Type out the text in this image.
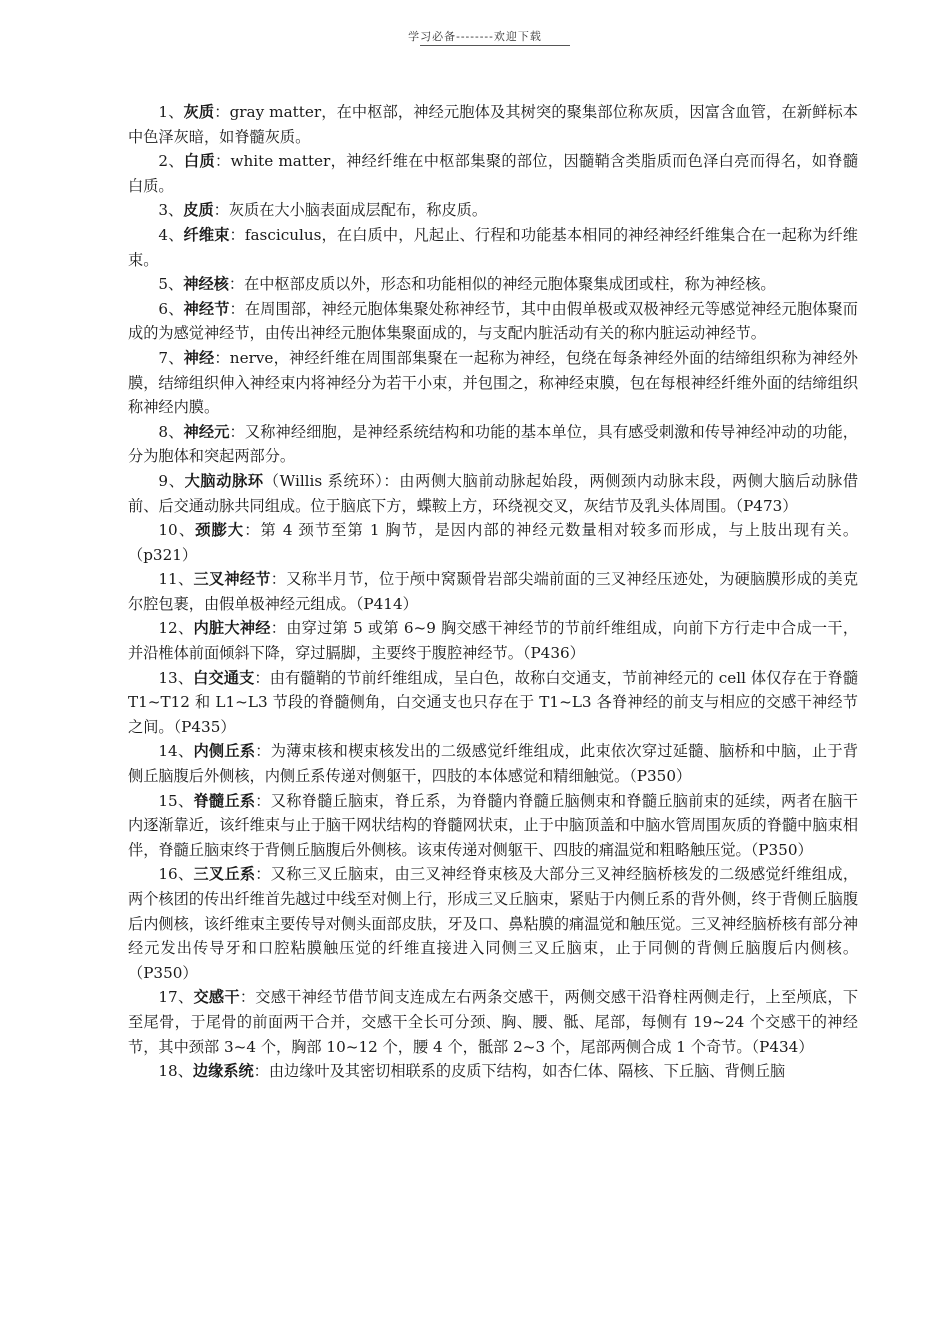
学习必备--------欢迎下载

1、灰质：gray matter，在中枢部，神经元胞体及其树突的聚集部位称灰质，因富含血管，在新鲜标本中色泽灰暗，如脊髓灰质。

2、白质：white matter，神经纤维在中枢部集聚的部位，因髓鞘含类脂质而色泽白亮而得名，如脊髓白质。

3、皮质：灰质在大小脑表面成层配布，称皮质。

4、纤维束：fasciculus，在白质中，凡起止、行程和功能基本相同的神经神经纤维集合在一起称为纤维束。

5、神经核：在中枢部皮质以外，形态和功能相似的神经元胞体聚集成团或柱，称为神经核。

6、神经节：在周围部，神经元胞体集聚处称神经节，其中由假单极或双极神经元等感觉神经元胞体聚而成的为感觉神经节，由传出神经元胞体集聚面成的，与支配内脏活动有关的称内脏运动神经节。

7、神经：nerve，神经纤维在周围部集聚在一起称为神经，包绕在每条神经外面的结缔组织称为神经外膜，结缔组织伸入神经束内将神经分为若干小束，并包围之，称神经束膜，包在每根神经纤维外面的结缔组织称神经内膜。

8、神经元：又称神经细胞，是神经系统结构和功能的基本单位，具有感受刺激和传导神经冲动的功能，分为胞体和突起两部分。

9、大脑动脉环（Willis 系统环）：由两侧大脑前动脉起始段，两侧颈内动脉末段，两侧大脑后动脉借前、后交通动脉共同组成。位于脑底下方，蝶鞍上方，环绕视交叉，灰结节及乳头体周围。（P473）

10、颈膨大：第 4 颈节至第 1 胸节，是因内部的神经元数量相对较多而形成，与上肢出现有关。（p321）

11、三叉神经节：又称半月节，位于颅中窝颞骨岩部尖端前面的三叉神经压迹处，为硬脑膜形成的美克尔腔包裹，由假单极神经元组成。（P414）

12、内脏大神经：由穿过第 5 或第 6~9 胸交感干神经节的节前纤维组成，向前下方行走中合成一干，并沿椎体前面倾斜下降，穿过膈脚，主要终于腹腔神经节。（P436）

13、白交通支：由有髓鞘的节前纤维组成，呈白色，故称白交通支，节前神经元的 cell 体仅存在于脊髓 T1~T12 和 L1~L3 节段的脊髓侧角，白交通支也只存在于 T1~L3 各脊神经的前支与相应的交感干神经节之间。（P435）

14、内侧丘系：为薄束核和楔束核发出的二级感觉纤维组成，此束依次穿过延髓、脑桥和中脑，止于背侧丘脑腹后外侧核，内侧丘系传递对侧躯干，四肢的本体感觉和精细触觉。（P350）

15、脊髓丘系：又称脊髓丘脑束，脊丘系，为脊髓内脊髓丘脑侧束和脊髓丘脑前束的延续，两者在脑干内逐渐靠近，该纤维束与止于脑干网状结构的脊髓网状束，止于中脑顶盖和中脑水管周围灰质的脊髓中脑束相伴，脊髓丘脑束终于背侧丘脑腹后外侧核。该束传递对侧躯干、四肢的痛温觉和粗略触压觉。（P350）

16、三叉丘系：又称三叉丘脑束，由三叉神经脊束核及大部分三叉神经脑桥核发的二级感觉纤维组成，两个核团的传出纤维首先越过中线至对侧上行，形成三叉丘脑束，紧贴于内侧丘系的背外侧，终于背侧丘脑腹后内侧核，该纤维束主要传导对侧头面部皮肤，牙及口、鼻粘膜的痛温觉和触压觉。三叉神经脑桥核有部分神经元发出传导牙和口腔粘膜触压觉的纤维直接进入同侧三叉丘脑束，止于同侧的背侧丘脑腹后内侧核。（P350）

17、交感干：交感干神经节借节间支连成左右两条交感干，两侧交感干沿脊柱两侧走行，上至颅底，下至尾骨，于尾骨的前面两干合并，交感干全长可分颈、胸、腰、骶、尾部，每侧有 19~24 个交感干的神经节，其中颈部 3~4 个，胸部 10~12 个，腰 4 个，骶部 2~3 个，尾部两侧合成 1 个奇节。（P434）

18、边缘系统：由边缘叶及其密切相联系的皮质下结构，如杏仁体、隔核、下丘脑、背侧丘脑
